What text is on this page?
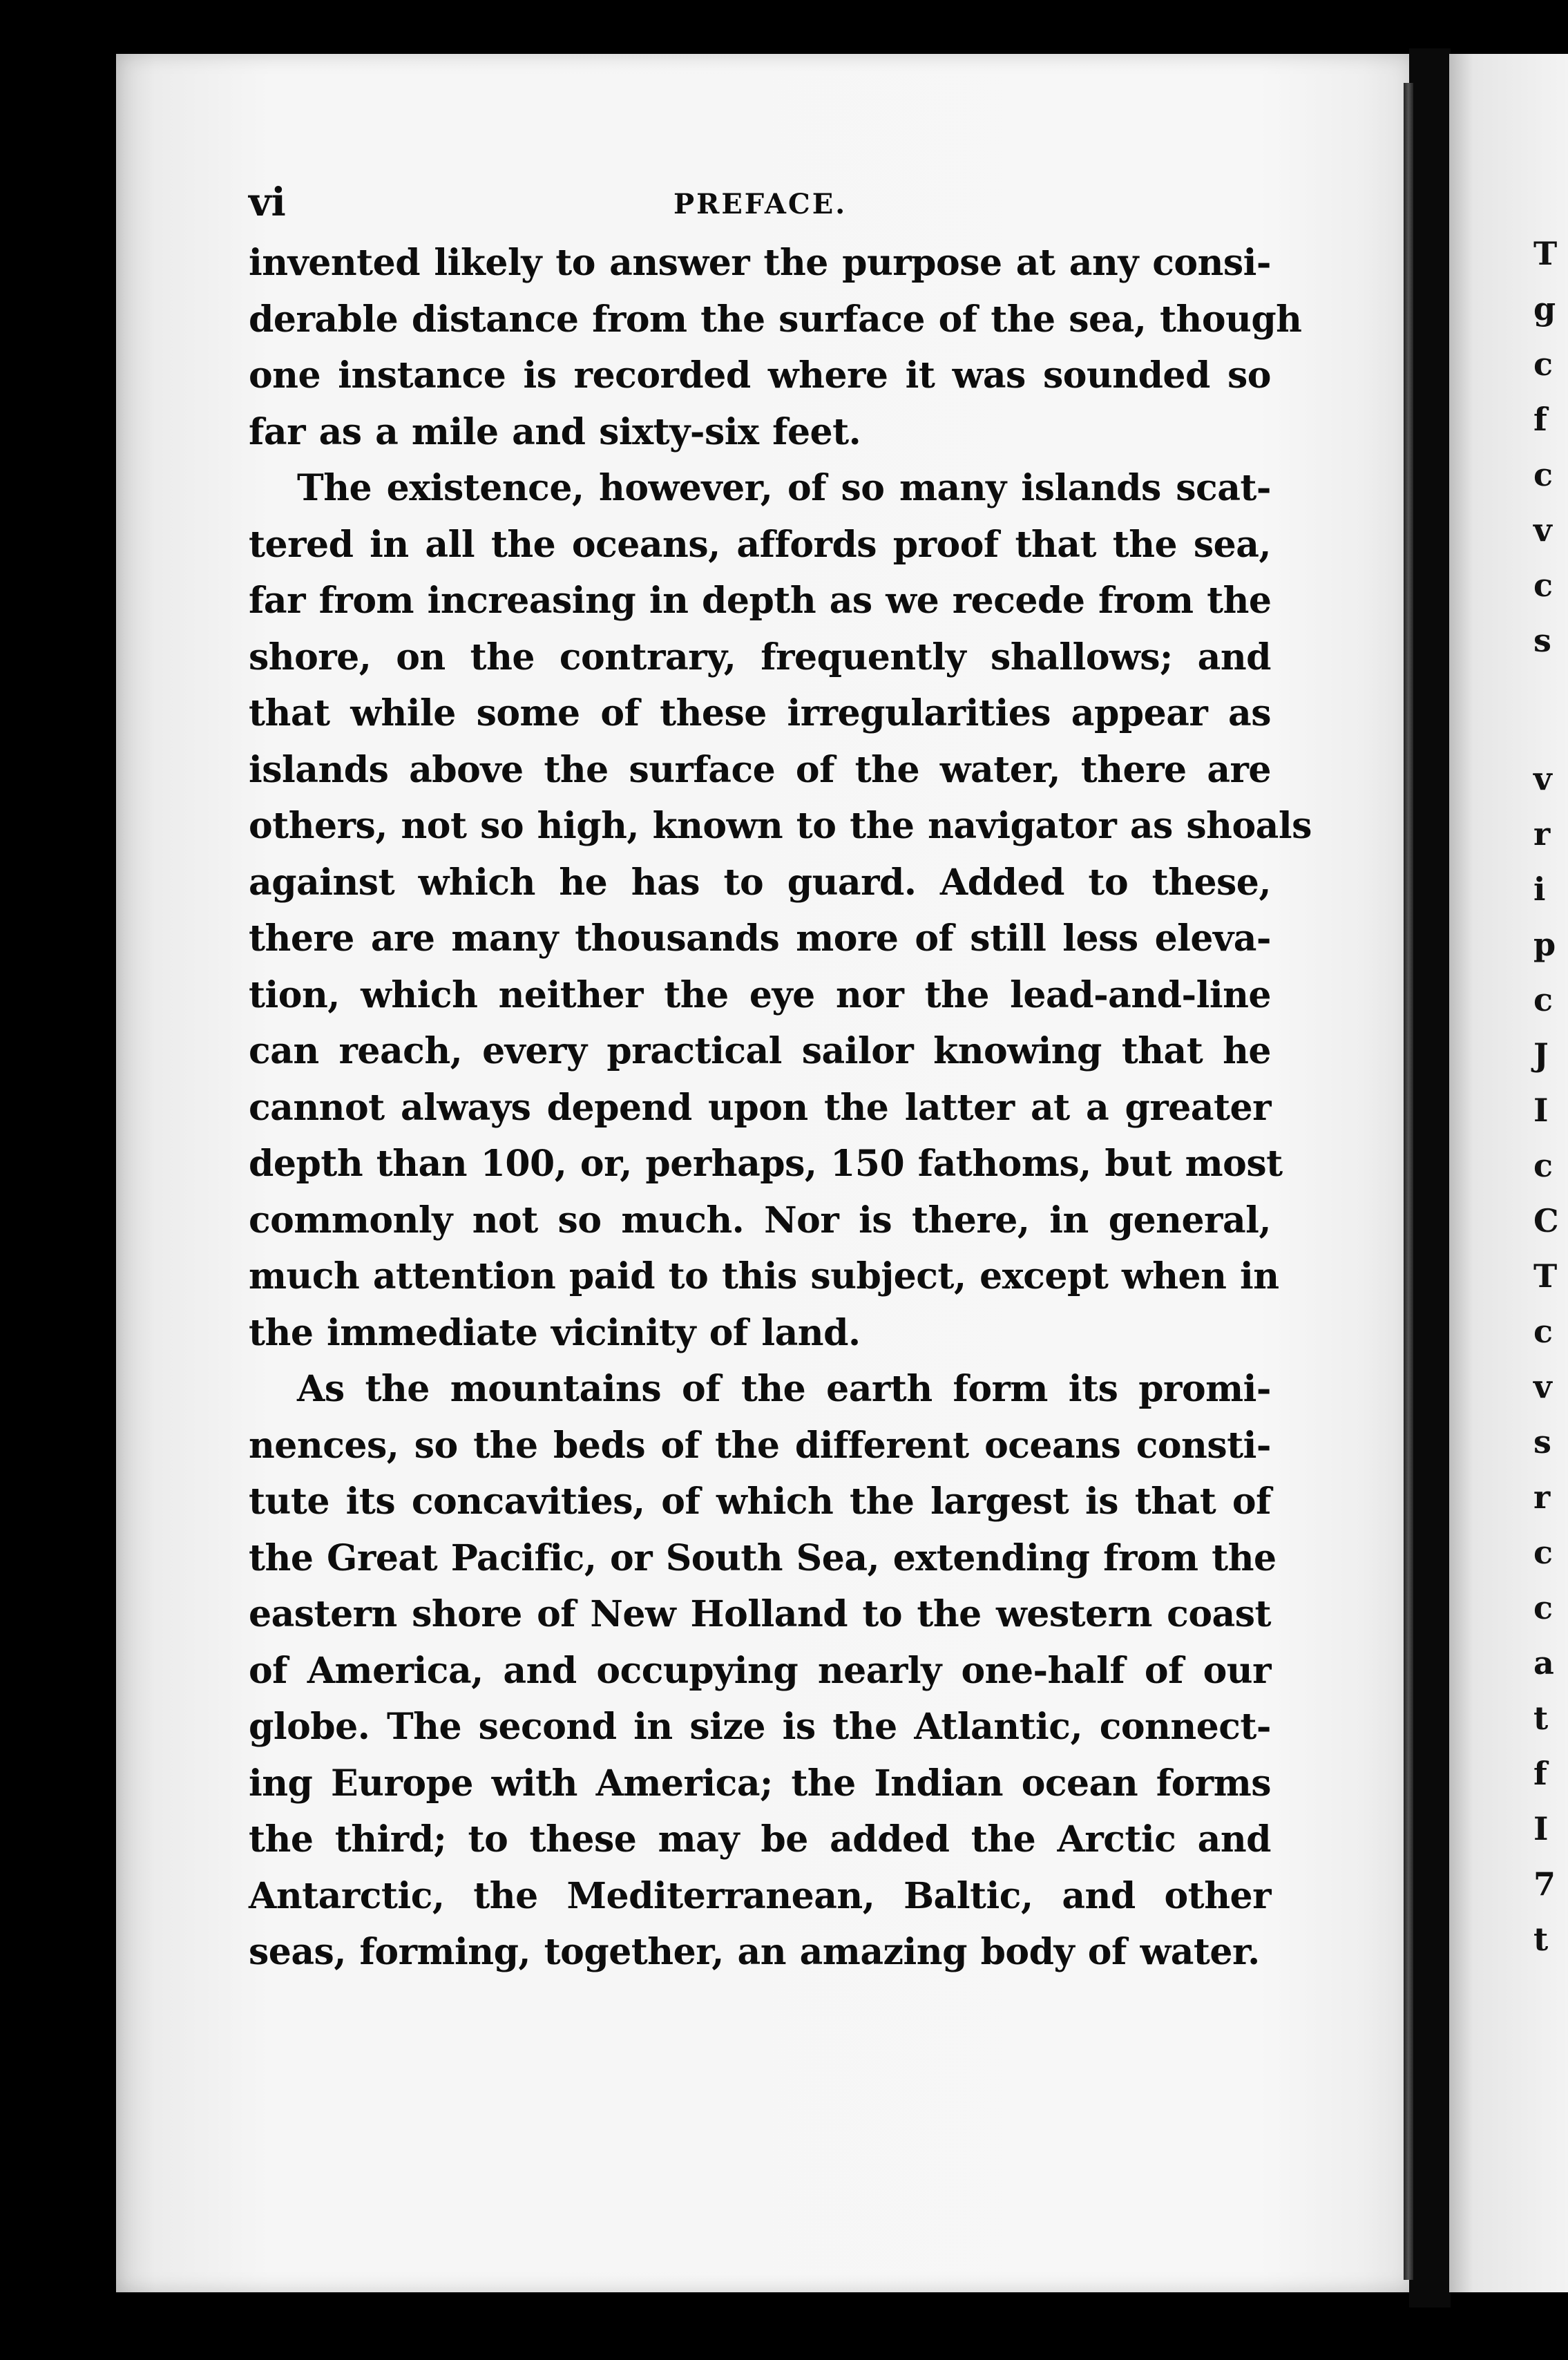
T
g
c
f
c
v
c
s
v
r
i
p
c
J
I
c
C
T
c
v
s
r
c
c
a
t
f
I
7
t
vi	PREFACE.
invented likely to answer the purpose at any consi-
derable distance from the surface of the sea, though
one instance is recorded where it was sounded so
far as a mile and sixty-six feet.
The existence, however, of so many islands scat-
tered in all the oceans, affords proof that the sea,
far from increasing in depth as we recede from the
shore, on the contrary, frequently shallows; and
that while some of these irregularities appear as
islands above the surface of the water, there are
others, not so high, known to the navigator as shoals
against which he has to guard. Added to these,
there are many thousands more of still less eleva-
tion, which neither the eye nor the lead-and-line
can reach, every practical sailor knowing that he
cannot always depend upon the latter at a greater
depth than 100, or, perhaps, 150 fathoms, but most
commonly not so much. Nor is there, in general,
much attention paid to this subject, except when in
the immediate vicinity of land.
As the mountains of the earth form its promi-
nences, so the beds of the different oceans consti-
tute its concavities, of which the largest is that of
the Great Pacific, or South Sea, extending from the
eastern shore of New Holland to the western coast
of America, and occupying nearly one-half of our
globe. The second in size is the Atlantic, connect-
ing Europe with America; the Indian ocean forms
the third; to these may be added the Arctic and
Antarctic, the Mediterranean, Baltic, and other
seas, forming, together, an amazing body of water.
